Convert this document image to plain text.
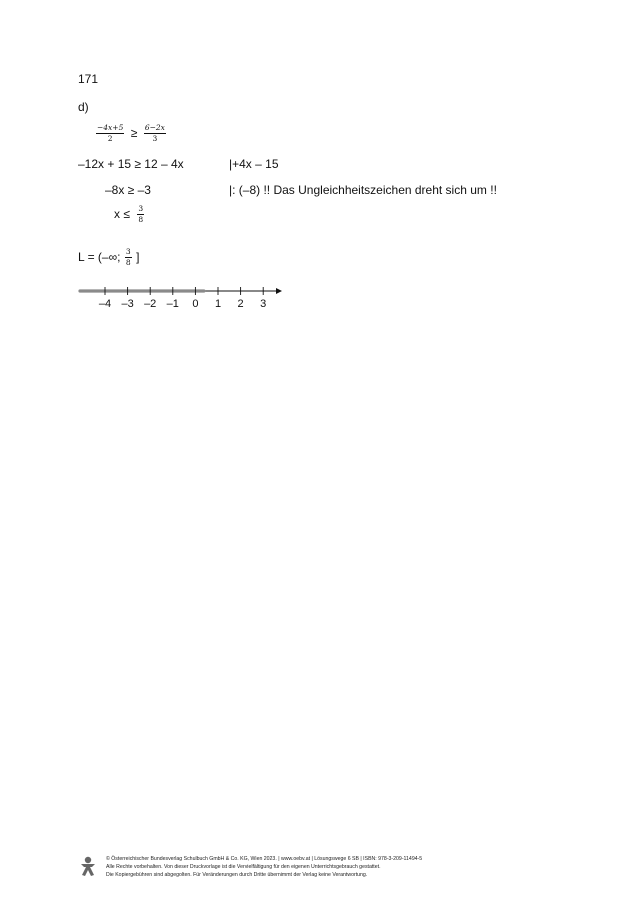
171
d)
$\frac{-4x+5}{2} \ge \frac{6-2x}{3}$
–12x + 15 ≥ 12 – 4x	|+4x – 15
–8x ≥ –3	|: (–8) !! Das Ungleichheitszeichen dreht sich um !!
$x \le \frac{3}{8}$
L = (–∞; $\frac{3}{8}$ ]
–4 –3 –2 –1 0 1 2 3
© Österreichischer Bundesverlag Schulbuch GmbH & Co. KG, Wien 2023. | www.oebv.at | Lösungswege 6 SB | ISBN: 978-3-209-11494-5
Alle Rechte vorbehalten. Von dieser Druckvorlage ist die Vervielfältigung für den eigenen Unterrichtsgebrauch gestattet.
Die Kopiergebühren sind abgegolten. Für Veränderungen durch Dritte übernimmt der Verlag keine Verantwortung.
